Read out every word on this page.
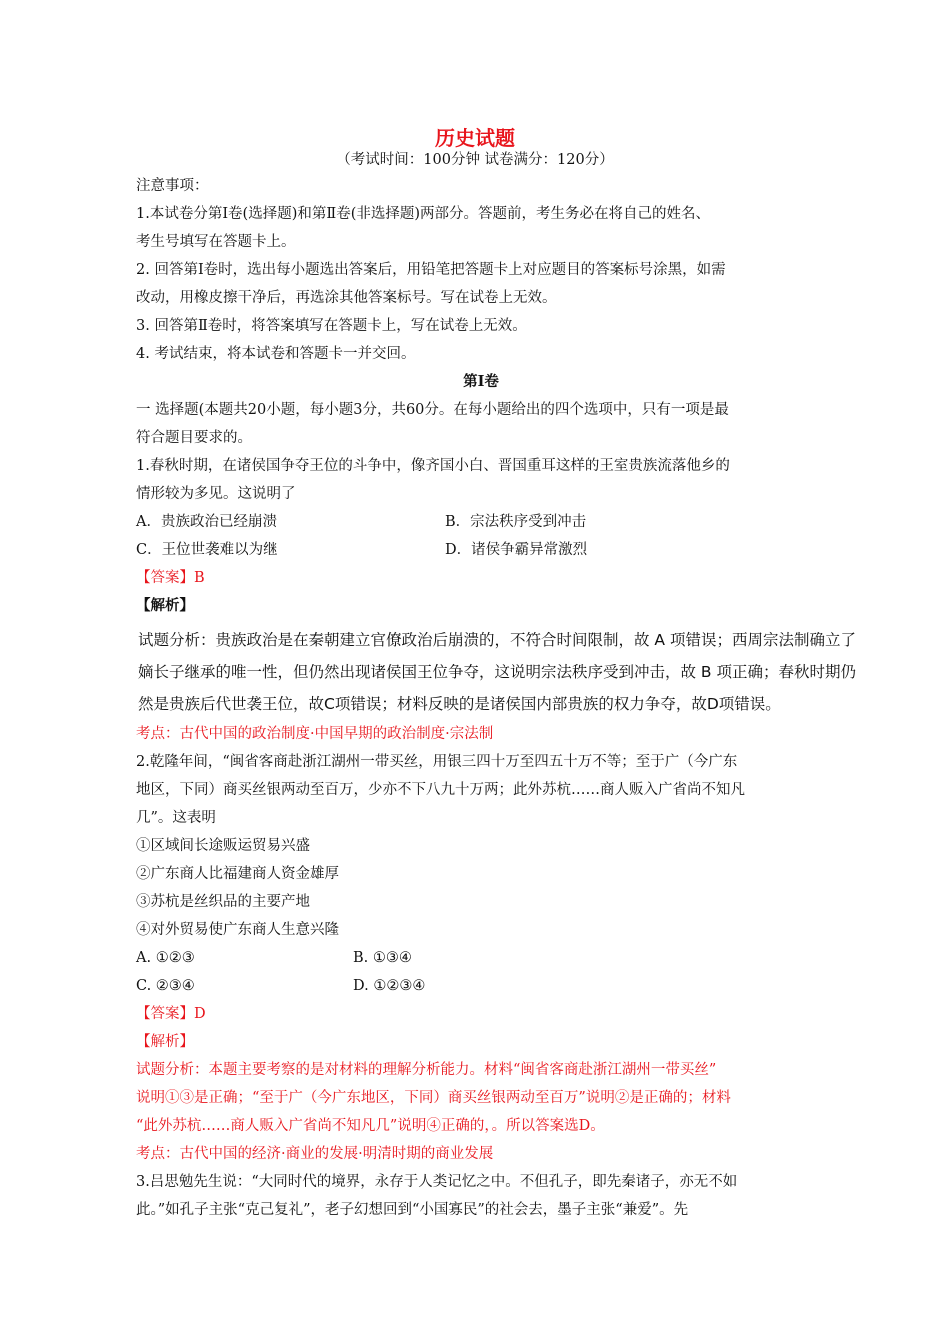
历史试题
（考试时间：100分钟 试卷满分：120分）
注意事项：
1.本试卷分第Ⅰ卷(选择题)和第Ⅱ卷(非选择题)两部分。答题前，考生务必在将自己的姓名、
考生号填写在答题卡上。
2. 回答第Ⅰ卷时，选出每小题选出答案后，用铅笔把答题卡上对应题目的答案标号涂黑，如需
改动，用橡皮擦干净后，再选涂其他答案标号。写在试卷上无效。
3. 回答第Ⅱ卷时，将答案填写在答题卡上，写在试卷上无效。
4. 考试结束，将本试卷和答题卡一并交回。
第Ⅰ卷
一 选择题(本题共20小题，每小题3分，共60分。在每小题给出的四个选项中，只有一项是最
符合题目要求的。
1.春秋时期，在诸侯国争夺王位的斗争中，像齐国小白、晋国重耳这样的王室贵族流落他乡的
情形较为多见。这说明了
A．贵族政治已经崩溃	B．宗法秩序受到冲击
C．王位世袭难以为继	D．诸侯争霸异常激烈
【答案】B
【解析】
试题分析：贵族政治是在秦朝建立官僚政治后崩溃的，不符合时间限制，故 A 项错误；西周宗法制确立了
嫡长子继承的唯一性，但仍然出现诸侯国王位争夺，这说明宗法秩序受到冲击，故 B 项正确；春秋时期仍
然是贵族后代世袭王位，故C项错误；材料反映的是诸侯国内部贵族的权力争夺，故D项错误。
考点：古代中国的政治制度·中国早期的政治制度·宗法制
2.乾隆年间，“闽省客商赴浙江湖州一带买丝，用银三四十万至四五十万不等；至于广（今广东
地区，下同）商买丝银两动至百万，少亦不下八九十万两；此外苏杭……商人贩入广省尚不知凡
几”。这表明
①区域间长途贩运贸易兴盛
②广东商人比福建商人资金雄厚
③苏杭是丝织品的主要产地
④对外贸易使广东商人生意兴隆
A. ①②③	B. ①③④
C. ②③④	D. ①②③④
【答案】D
【解析】
试题分析：本题主要考察的是对材料的理解分析能力。材料“闽省客商赴浙江湖州一带买丝”
说明①③是正确；“至于广（今广东地区，下同）商买丝银两动至百万”说明②是正确的；材料
“此外苏杭……商人贩入广省尚不知凡几”说明④正确的，。所以答案选D。
考点：古代中国的经济·商业的发展·明清时期的商业发展
3.吕思勉先生说：“大同时代的境界，永存于人类记忆之中。不但孔子，即先秦诸子，亦无不如
此。”如孔子主张“克己复礼”，老子幻想回到“小国寡民”的社会去，墨子主张“兼爱”。先
